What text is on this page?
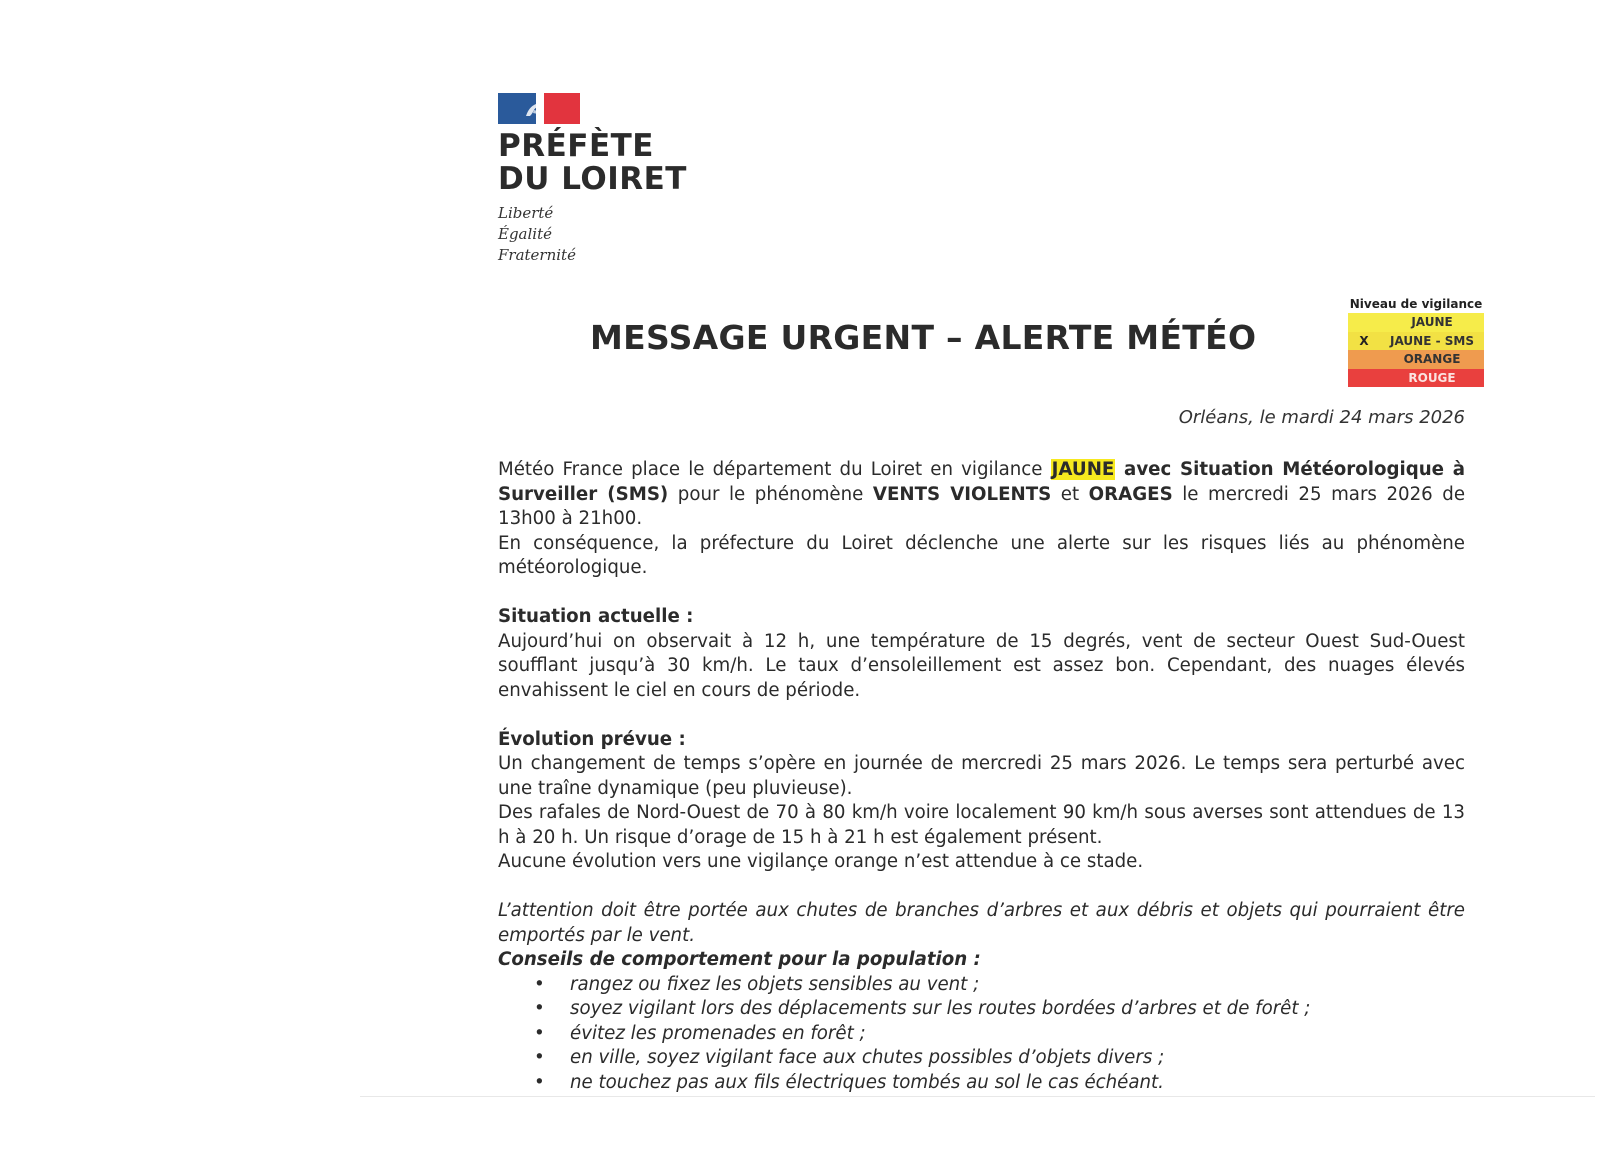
PRÉFÈTE
DU LOIRET
Liberté
Égalité
Fraternité
MESSAGE URGENT – ALERTE MÉTÉO
Niveau de vigilance
JAUNE
X	JAUNE - SMS
ORANGE
ROUGE
Orléans, le mardi 24 mars 2026

Météo France place le département du Loiret en vigilance JAUNE avec Situation Météorologique à Surveiller (SMS) pour le phénomène VENTS VIOLENTS et ORAGES le mercredi 25 mars 2026 de 13h00 à 21h00.

En conséquence, la préfecture du Loiret déclenche une alerte sur les risques liés au phénomène météorologique.

Situation actuelle :

Aujourd’hui on observait à 12 h, une température de 15 degrés, vent de secteur Ouest Sud-Ouest soufflant jusqu’à 30 km/h. Le taux d’ensoleillement est assez bon. Cependant, des nuages élevés envahissent le ciel en cours de période.

Évolution prévue :

Un changement de temps s’opère en journée de mercredi 25 mars 2026. Le temps sera perturbé avec une traîne dynamique (peu pluvieuse).

Des rafales de Nord-Ouest de 70 à 80 km/h voire localement 90 km/h sous averses sont attendues de 13 h à 20 h. Un risque d’orage de 15 h à 21 h est également présent.

Aucune évolution vers une vigilançe orange n’est attendue à ce stade.

L’attention doit être portée aux chutes de branches d’arbres et aux débris et objets qui pourraient être emportés par le vent.

Conseils de comportement pour la population :

• rangez ou fixez les objets sensibles au vent ;
• soyez vigilant lors des déplacements sur les routes bordées d’arbres et de forêt ;
• évitez les promenades en forêt ;
• en ville, soyez vigilant face aux chutes possibles d’objets divers ;
• ne touchez pas aux fils électriques tombés au sol le cas échéant.
